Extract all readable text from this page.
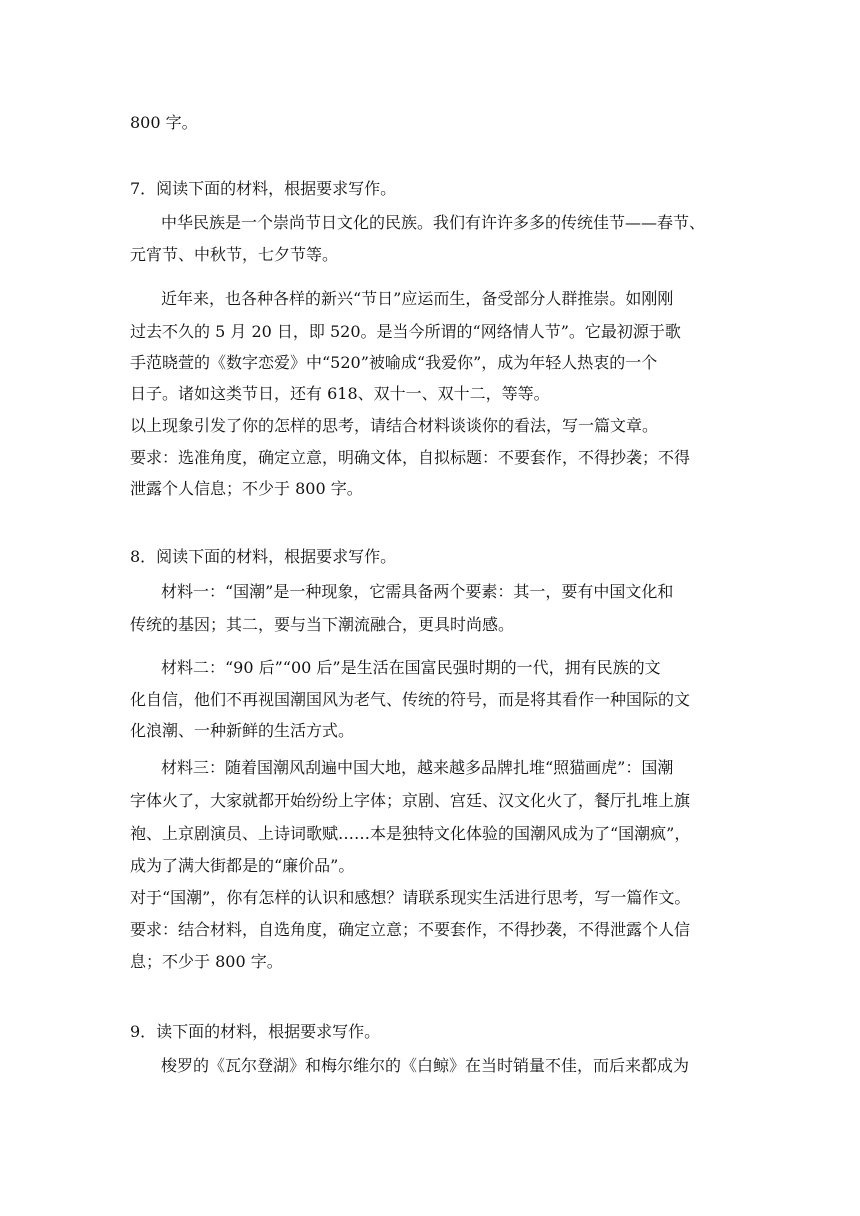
800 字。
7．阅读下面的材料，根据要求写作。
中华民族是一个崇尚节日文化的民族。我们有许许多多的传统佳节——春节、
元宵节、中秋节，七夕节等。
近年来，也各种各样的新兴“节日”应运而生，备受部分人群推崇。如刚刚
过去不久的 5 月 20 日，即 520。是当今所谓的“网络情人节”。它最初源于歌
手范晓萱的《数字恋爱》中“520”被喻成“我爱你”，成为年轻人热衷的一个
日子。诸如这类节日，还有 618、双十一、双十二，等等。
以上现象引发了你的怎样的思考，请结合材料谈谈你的看法，写一篇文章。
要求：选准角度，确定立意，明确文体，自拟标题：不要套作，不得抄袭；不得
泄露个人信息；不少于 800 字。
8．阅读下面的材料，根据要求写作。
材料一：“国潮”是一种现象，它需具备两个要素：其一，要有中国文化和
传统的基因；其二，要与当下潮流融合，更具时尚感。
材料二：“90 后”“00 后”是生活在国富民强时期的一代，拥有民族的文
化自信，他们不再视国潮国风为老气、传统的符号，而是将其看作一种国际的文
化浪潮、一种新鲜的生活方式。
材料三：随着国潮风刮遍中国大地，越来越多品牌扎堆“照猫画虎”：国潮
字体火了，大家就都开始纷纷上字体；京剧、宫廷、汉文化火了，餐厅扎堆上旗
袍、上京剧演员、上诗词歌赋……本是独特文化体验的国潮风成为了“国潮疯”，
成为了满大街都是的“廉价品”。
对于“国潮”，你有怎样的认识和感想？请联系现实生活进行思考，写一篇作文。
要求：结合材料，自选角度，确定立意；不要套作，不得抄袭，不得泄露个人信
息；不少于 800 字。
9．读下面的材料，根据要求写作。
梭罗的《瓦尔登湖》和梅尔维尔的《白鲸》在当时销量不佳，而后来都成为
